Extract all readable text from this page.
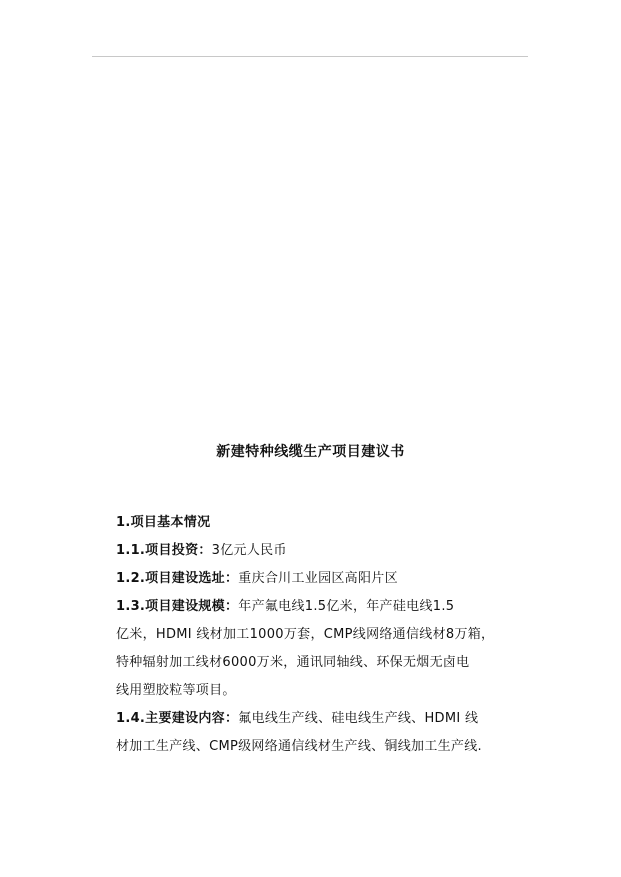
新建特种线缆生产项目建议书
1.项目基本情况
1.1.项目投资：3亿元人民币
1.2.项目建设选址：重庆合川工业园区高阳片区
1.3.项目建设规模：年产氟电线1.5亿米，年产硅电线1.5
亿米，HDMI 线材加工1000万套，CMP线网络通信线材8万箱，
特种辐射加工线材6000万米，通讯同轴线、环保无烟无卤电
线用塑胶粒等项目。
1.4.主要建设内容：氟电线生产线、硅电线生产线、HDMI 线
材加工生产线、CMP级网络通信线材生产线、铜线加工生产线.
